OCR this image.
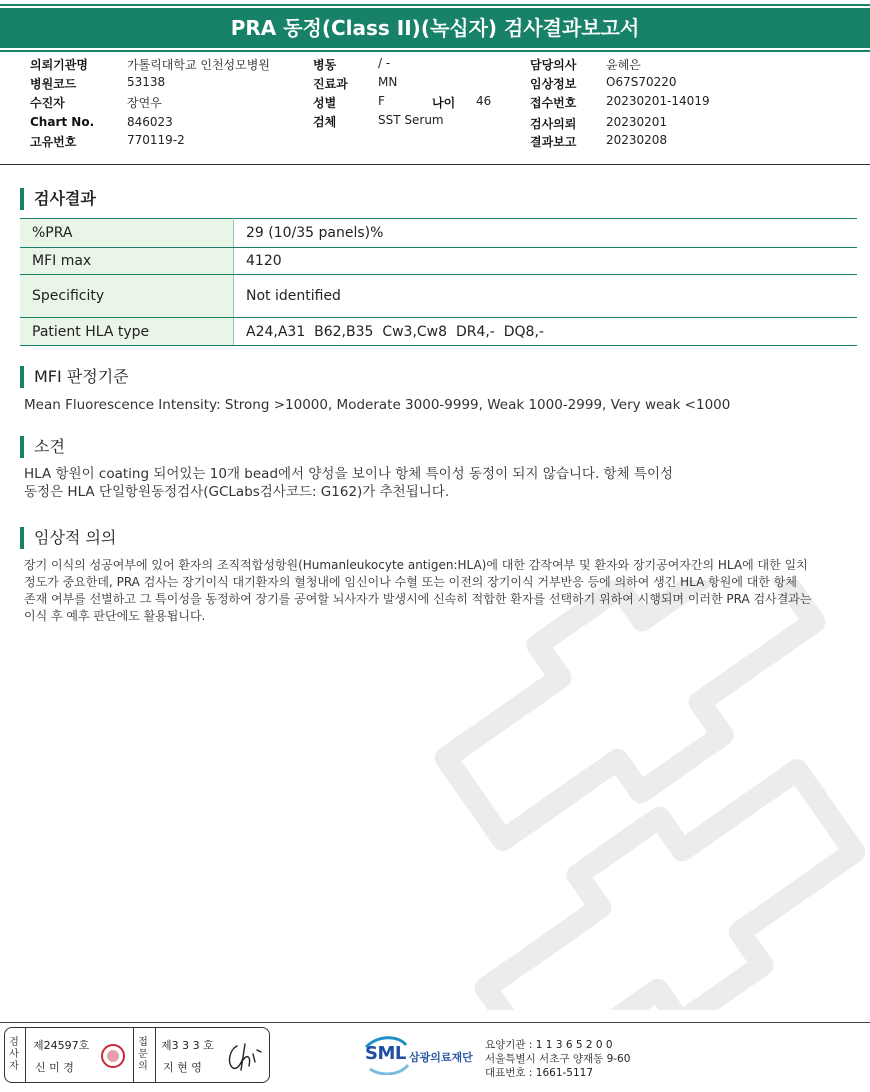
PRA 동정(Class II)(녹십자) 검사결과보고서
의뢰기관명	가톨릭대학교 인천성모병원
병원코드	53138
수진자	장연우
Chart No.	846023
고유번호	770119-2
병동	/ -
진료과	MN
성별	F	나이 46
검체	SST Serum
담당의사 윤혜은
임상정보 O67S70220
접수번호 20230201-14019
검사의뢰 20230201
결과보고 20230208
검사결과
%PRA	29 (10/35 panels)%
MFI max	4120
Specificity	Not identified
Patient HLA type	A24,A31  B62,B35  Cw3,Cw8  DR4,-  DQ8,-
MFI 판정기준
Mean Fluorescence Intensity: Strong >10000, Moderate 3000-9999, Weak 1000-2999, Very weak <1000
소견
HLA 항원이 coating 되어있는 10개 bead에서 양성을 보이나 항체 특이성 동정이 되지 않습니다. 항체 특이성
동정은 HLA 단일항원동정검사(GCLabs검사코드: G162)가 추천됩니다.
임상적 의의
장기 이식의 성공여부에 있어 환자의 조직적합성항원(Humanleukocyte antigen:HLA)에 대한 감작여부 및 환자와 장기공여자간의 HLA에 대한 일치
정도가 중요한데, PRA 검사는 장기이식 대기환자의 혈청내에 임신이나 수혈 또는 이전의 장기이식 거부반응 등에 의하여 생긴 HLA 항원에 대한 항체
존재 여부를 선별하고 그 특이성을 동정하여 장기를 공여할 뇌사자가 발생시에 신속히 적합한 환자를 선택하기 위하여 시행되며 이러한 PRA 검사결과는
이식 후 예후 판단에도 활용됩니다.
검사자
제24597호
신 미 경
접문의
제3 3 3 호
지 현 영
SML 삼광의료재단
요양기관 : 1 1 3 6 5 2 0 0
서울특별시 서초구 양재동 9-60
대표번호 : 1661-5117
